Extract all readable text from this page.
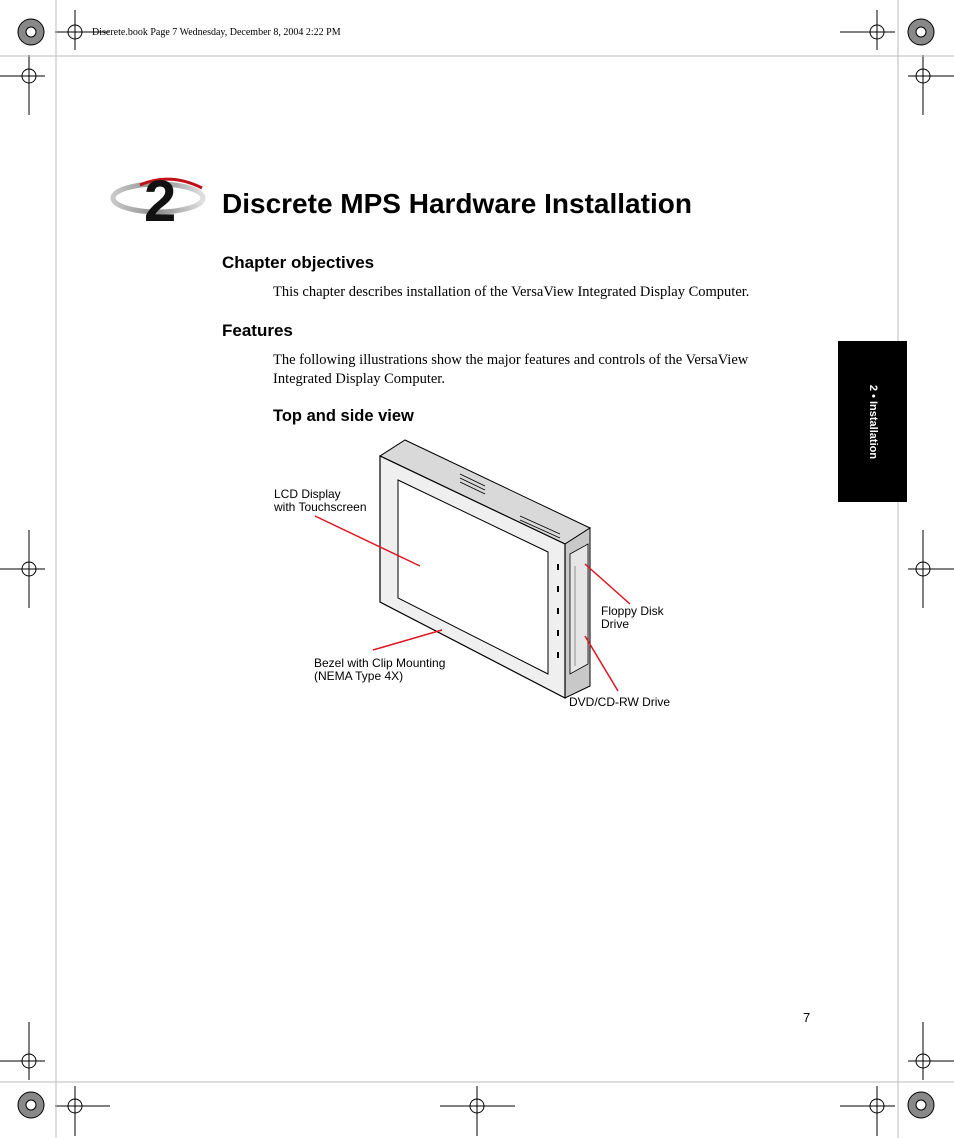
Discrete.book Page 7 Wednesday, December 8, 2004 2:22 PM
2 Discrete MPS Hardware Installation
Chapter objectives
This chapter describes installation of the VersaView Integrated Display Computer.
Features
The following illustrations show the major features and controls of the VersaView
Integrated Display Computer.
Top and side view
LCD Display
with Touchscreen
Floppy Disk
Drive
Bezel with Clip Mounting
(NEMA Type 4X)
DVD/CD-RW Drive
2 • Installation
7
